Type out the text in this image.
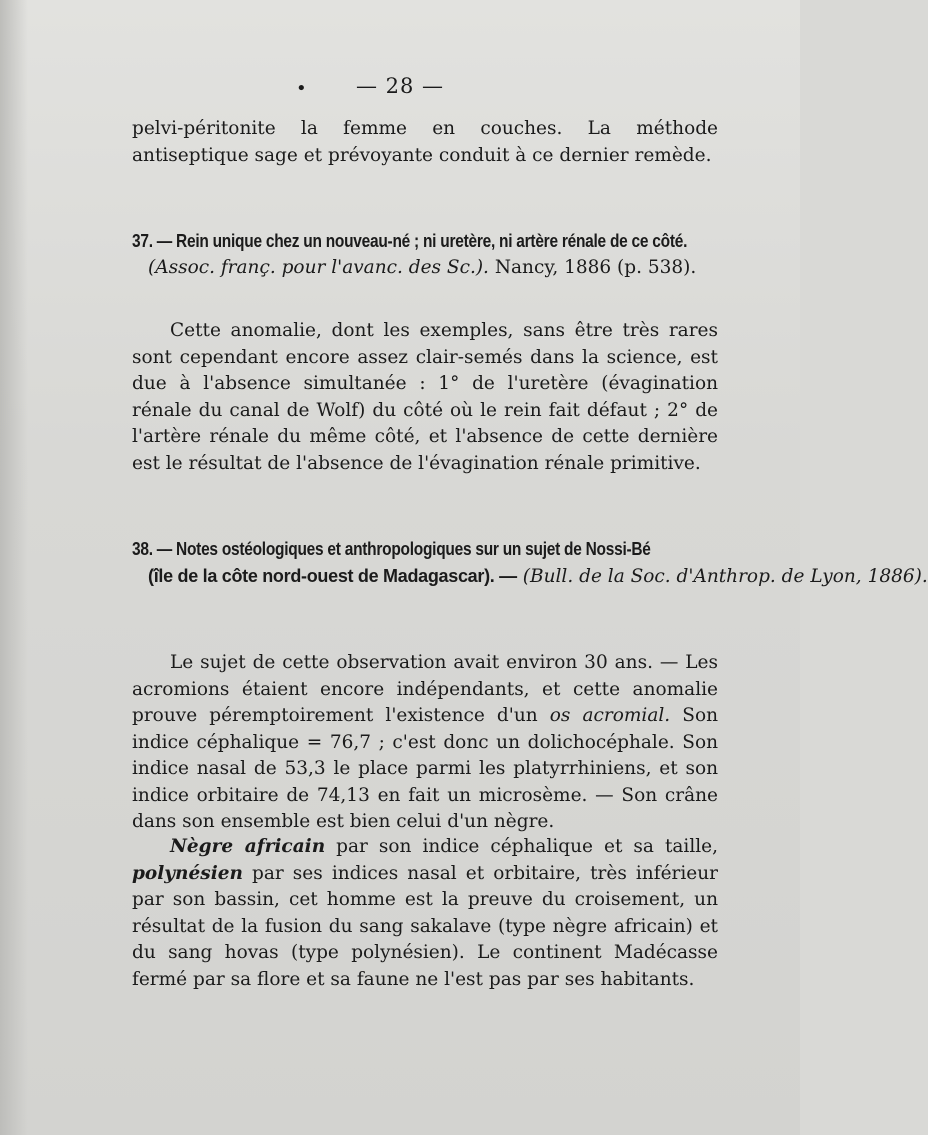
•	— 28 —
pelvi-péritonite la femme en couches. La méthode antiseptique sage et prévoyante conduit à ce dernier remède.
37. — Rein unique chez un nouveau-né ; ni uretère, ni artère rénale de ce côté.
(Assoc. franç. pour l'avanc. des Sc.). Nancy, 1886 (p. 538).
Cette anomalie, dont les exemples, sans être très rares sont cependant encore assez clair-semés dans la science, est due à l'absence simultanée : 1° de l'uretère (évagination rénale du canal de Wolf) du côté où le rein fait défaut ; 2° de l'artère rénale du même côté, et l'absence de cette dernière est le résultat de l'absence de l'évagination rénale primitive.
38. — Notes ostéologiques et anthropologiques sur un sujet de Nossi-Bé
(île de la côte nord-ouest de Madagascar). — (Bull. de la Soc. d'Anthrop. de Lyon, 1886).
Le sujet de cette observation avait environ 30 ans. — Les acromions étaient encore indépendants, et cette anomalie prouve péremptoirement l'existence d'un os acromial. Son indice céphalique = 76,7 ; c'est donc un dolichocéphale. Son indice nasal de 53,3 le place parmi les platyrrhiniens, et son indice orbitaire de 74,13 en fait un microsème. — Son crâne dans son ensemble est bien celui d'un nègre.
Nègre africain par son indice céphalique et sa taille, polynésien par ses indices nasal et orbitaire, très inférieur par son bassin, cet homme est la preuve du croisement, un résultat de la fusion du sang sakalave (type nègre africain) et du sang hovas (type polynésien). Le continent Madécasse fermé par sa flore et sa faune ne l'est pas par ses habitants.
